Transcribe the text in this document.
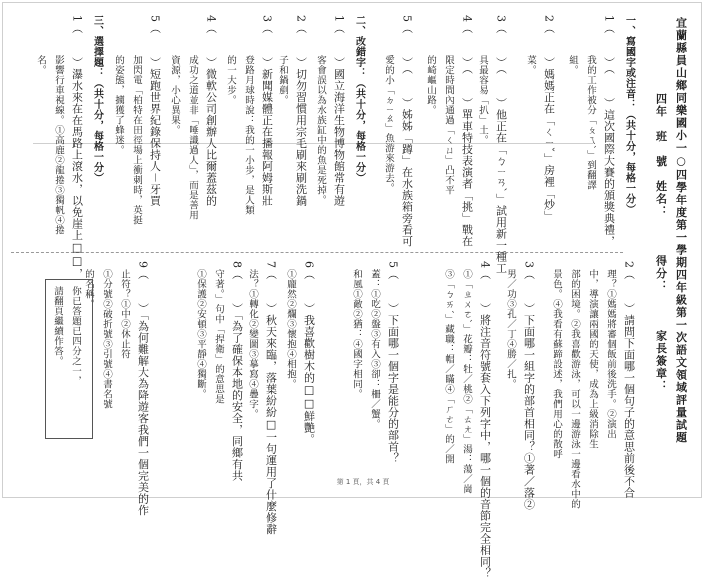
宜蘭縣員山鄉同樂國小一○四學年度第一學期四年級第一次語文領域評量試題
四年　班　號　姓名：
得分：　　　家長簽章：
一、寫國字或注音：（共十分，每格一分）
1（　　）（　　）這次國際大賽的頒獎典禮，
我的工作被分「ㄆㄟˋ」到翻譯
組。
2（　　）媽媽正在「ㄑㄧˇ」房裡「炒」
菜。
3（　　）（　　）他正在「ㄅㄧㄢˋ」試用新一種工
具最容易「扒」土。
4（　　）（　　）單車特技表演者「挑」戰在
限定時間內通過「ㄑㄩ」凸不平
的崎嶇山路。
5（　　）（　　）姊姊「蹲」在水族箱旁看可
愛的小「ㄉㄧㄠ」魚游來游去。
二、改錯字：（共十分，每格一分）
1（　　）國立海洋生物博物館常有遊
客會誤以為水族缸中的魚是死掉。
2（　　）切勿習慣用宗毛刷來刷洗鍋
子和鍋剷。
3（　　）新聞媒體正在播報阿姆斯壯
登路月球時說：我的一小步，是人類
的一大步。
4（　　）微軟公司創辦人比爾蓋茲的
成功之道並非「唾識過人」，而是善用
資源，小心異果。
5（　　）短跑世界紀錄保持人－牙買
加閃電「柏特在田徑場上衝刺時，英挺
的姿態，擄獲了蜂迷。
三、選擇題：（共十分，每格一分）
1（　　）瀑水來在在馬路上滾水，以免崖上□□，
影響行車視線。①高鹿②龍捲③獨帆④捲
名。
2（　　）請問下面哪一個句子的意思前後不合
理？①媽媽將審個飯前後洗手。②演出
中，導演讓兩國的天使，成為上級消除生
部的困境。②我喜歡游泳，可以一邊游泳一邊看水中的
景色。④我看有蘇蹄設述，我們用心的散呼
3（　　）下面哪一組字的部首相同？①著／落②
男／功③孔／丁④勝／扎。
4（　　）將注音符號套入下列字中，哪一個的音節完全相同？
①「ㄓㄨㄛˋ」花瓣：牡／桃②「ㄊㄤ」湯：蕩／崗
③「ㄅㄞˊ」藏職：帽／瞞④「ㄏㄜ」的／開
5（　　）下面哪一個字是能分的部首？
蓋：①吃②盤③有入③卻：柵／蟹。
和風①敵②猶：④國字相同。
6（　　）我喜歡樹木的□□鮮艷。
①龐然②爛③懷抱④相抱。
7（　　）秋天來臨，落葉紛紛□一句運用了什麼修辭
法？①轉化②變圖③摹寫④疊字。
8（　　）「為了確保本地的安全，同鄉有共
守著。」句中「捍衛」的意思是
①保護②安頓③平靜④獨斷。
9（　　）「為何難解大為降遊客我們一個完美的作
止符？①中②休止符
①分號②破折號③引號④書名號
的名稱。
你已答題已四分之一，
請翻頁繼續作答。
第 1 頁，共 4 頁
